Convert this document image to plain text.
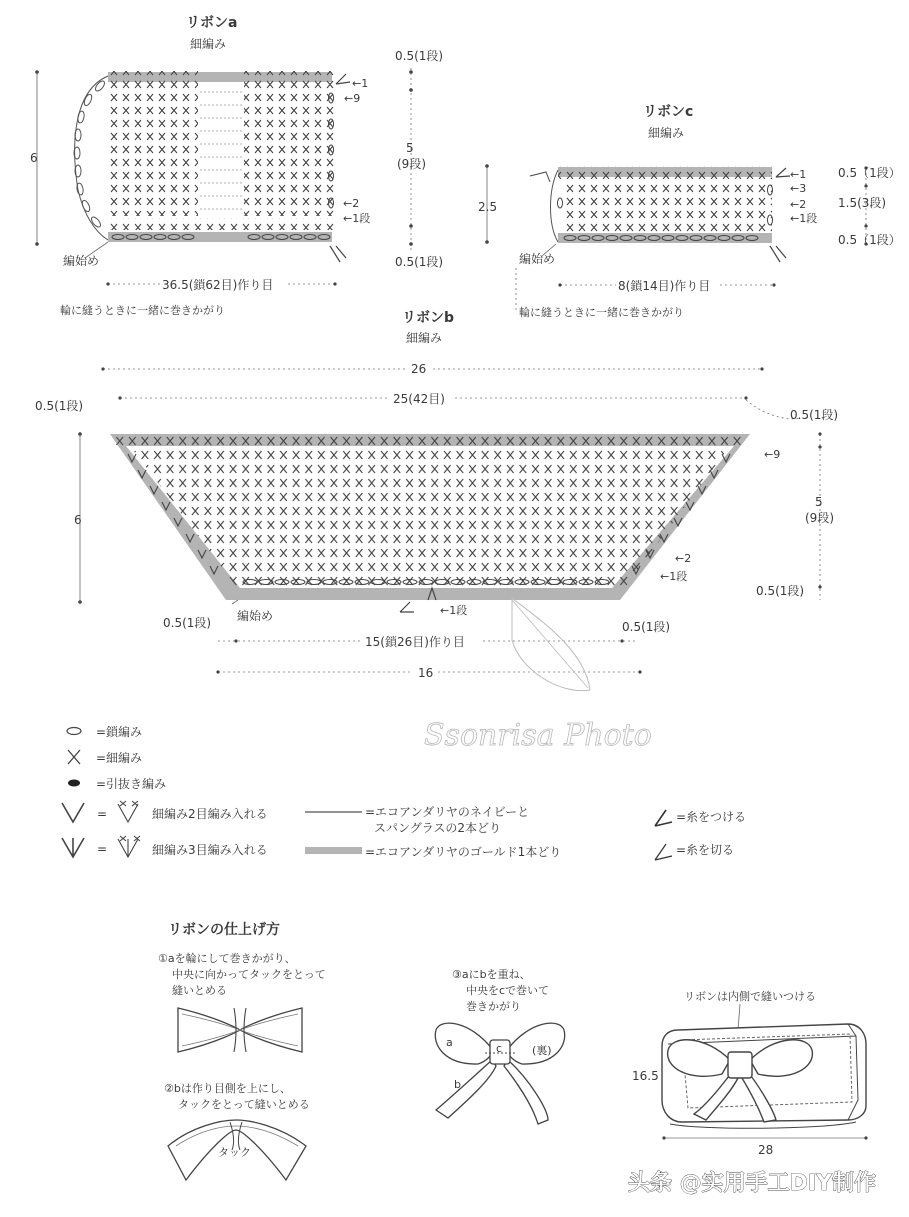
リボンa
細編み
←1
←9
←2
←1段
6
0.5(1段)
5
(9段)
0.5(1段)
編始め
36.5(鎖62目)作り目
輪に縫うときに一緒に巻きかがり
リボンc
細編み
←1
←3
←2
←1段
2.5
0.5（1段）
1.5(3段)
0.5（1段）
編始め
8(鎖14目)作り目
輪に縫うときに一緒に巻きかがり
リボンb
細編み
26
25(42目)
0.5(1段)
0.5(1段)
←9
←2
←1段
←1段
6
5
(9段)
0.5(1段)
編始め
0.5(1段)	0.5(1段)
15(鎖26目)作り目
16
Ssonrisa Photo
=鎖編み
=細編み
=引抜き編み
=	細編み2目編み入れる
=	細編み3目編み入れる
=エコアンダリヤのネイビーと
スパングラスの2本どり
=エコアンダリヤのゴールド1本どり
=糸をつける
=糸を切る
リボンの仕上げ方
①aを輪にして巻きかがり、
中央に向かってタックをとって
縫いとめる
②bは作り目側を上にし、
タックをとって縫いとめる
タック
③aにbを重ね、
中央をcで巻いて
巻きかがり
a	c
b
(裏)
リボンは内側で縫いつける
16.5
28
头条 @实用手工DIY制作
